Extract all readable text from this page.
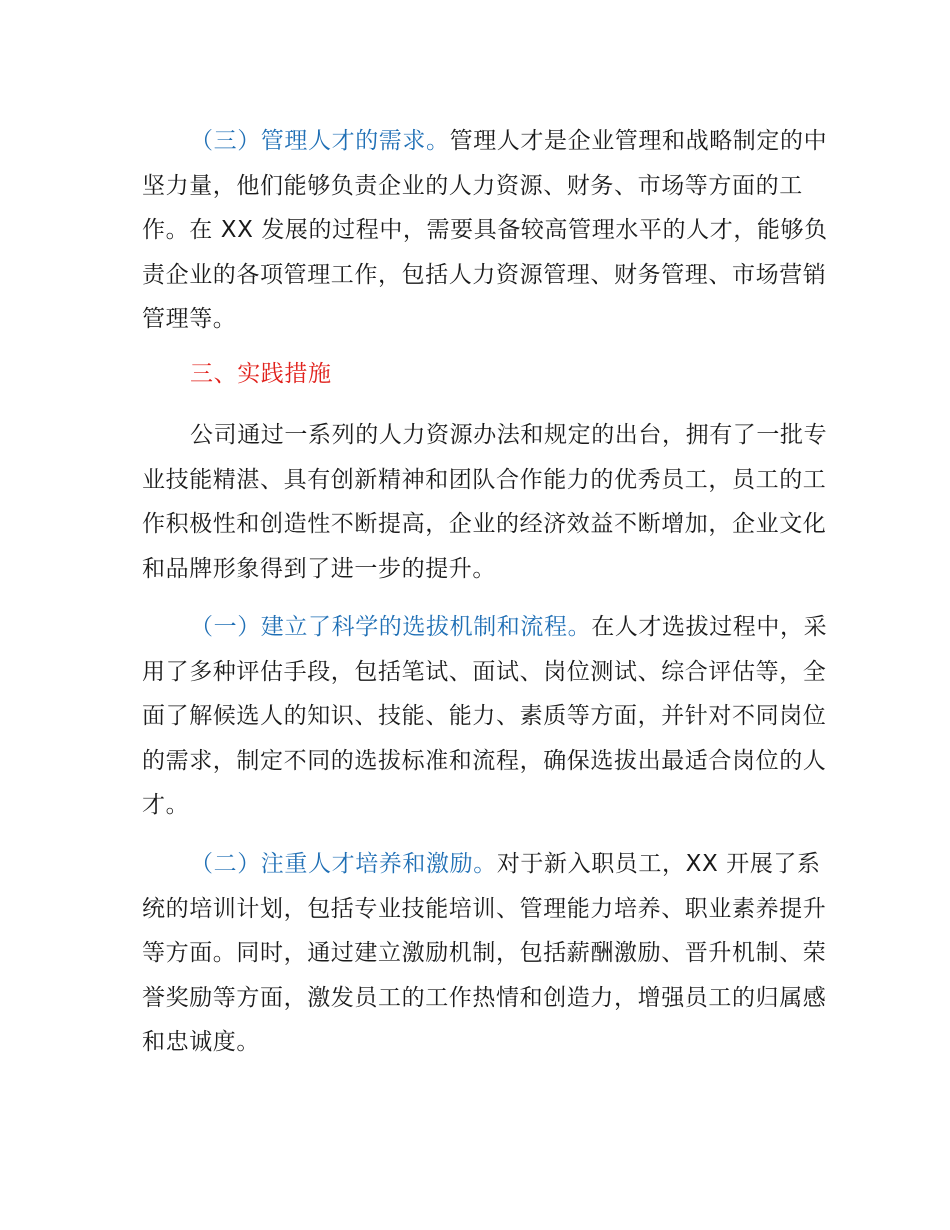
（三）管理人才的需求。管理人才是企业管理和战略制定的中坚力量，他们能够负责企业的人力资源、财务、市场等方面的工作。在 XX 发展的过程中，需要具备较高管理水平的人才，能够负责企业的各项管理工作，包括人力资源管理、财务管理、市场营销管理等。

三、实践措施

公司通过一系列的人力资源办法和规定的出台，拥有了一批专业技能精湛、具有创新精神和团队合作能力的优秀员工，员工的工作积极性和创造性不断提高，企业的经济效益不断增加，企业文化和品牌形象得到了进一步的提升。

（一）建立了科学的选拔机制和流程。在人才选拔过程中，采用了多种评估手段，包括笔试、面试、岗位测试、综合评估等，全面了解候选人的知识、技能、能力、素质等方面，并针对不同岗位的需求，制定不同的选拔标准和流程，确保选拔出最适合岗位的人才。

（二）注重人才培养和激励。对于新入职员工，XX 开展了系统的培训计划，包括专业技能培训、管理能力培养、职业素养提升等方面。同时，通过建立激励机制，包括薪酬激励、晋升机制、荣誉奖励等方面，激发员工的工作热情和创造力，增强员工的归属感和忠诚度。
